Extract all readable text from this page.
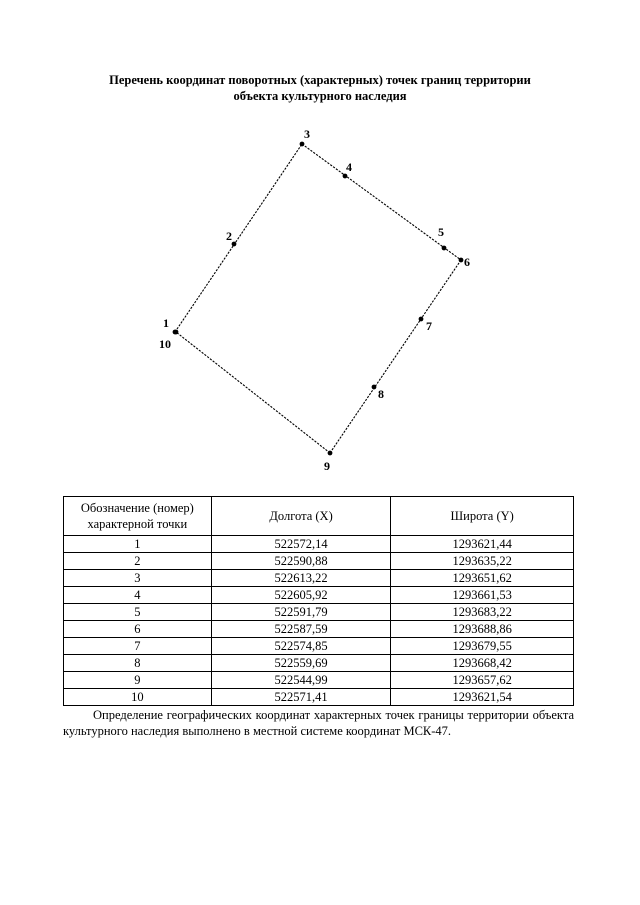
Перечень координат поворотных (характерных) точек границ территории
объекта культурного наследия
1
2
3
4
5
6
7
8
9
10
Обозначение (номер) характерной точки	Долгота (X)	Широта (Y)
1	522572,14	1293621,44
2	522590,88	1293635,22
3	522613,22	1293651,62
4	522605,92	1293661,53
5	522591,79	1293683,22
6	522587,59	1293688,86
7	522574,85	1293679,55
8	522559,69	1293668,42
9	522544,99	1293657,62
10	522571,41	1293621,54

Определение географических координат характерных точек границы территории объекта культурного наследия выполнено в местной системе координат МСК-47.
